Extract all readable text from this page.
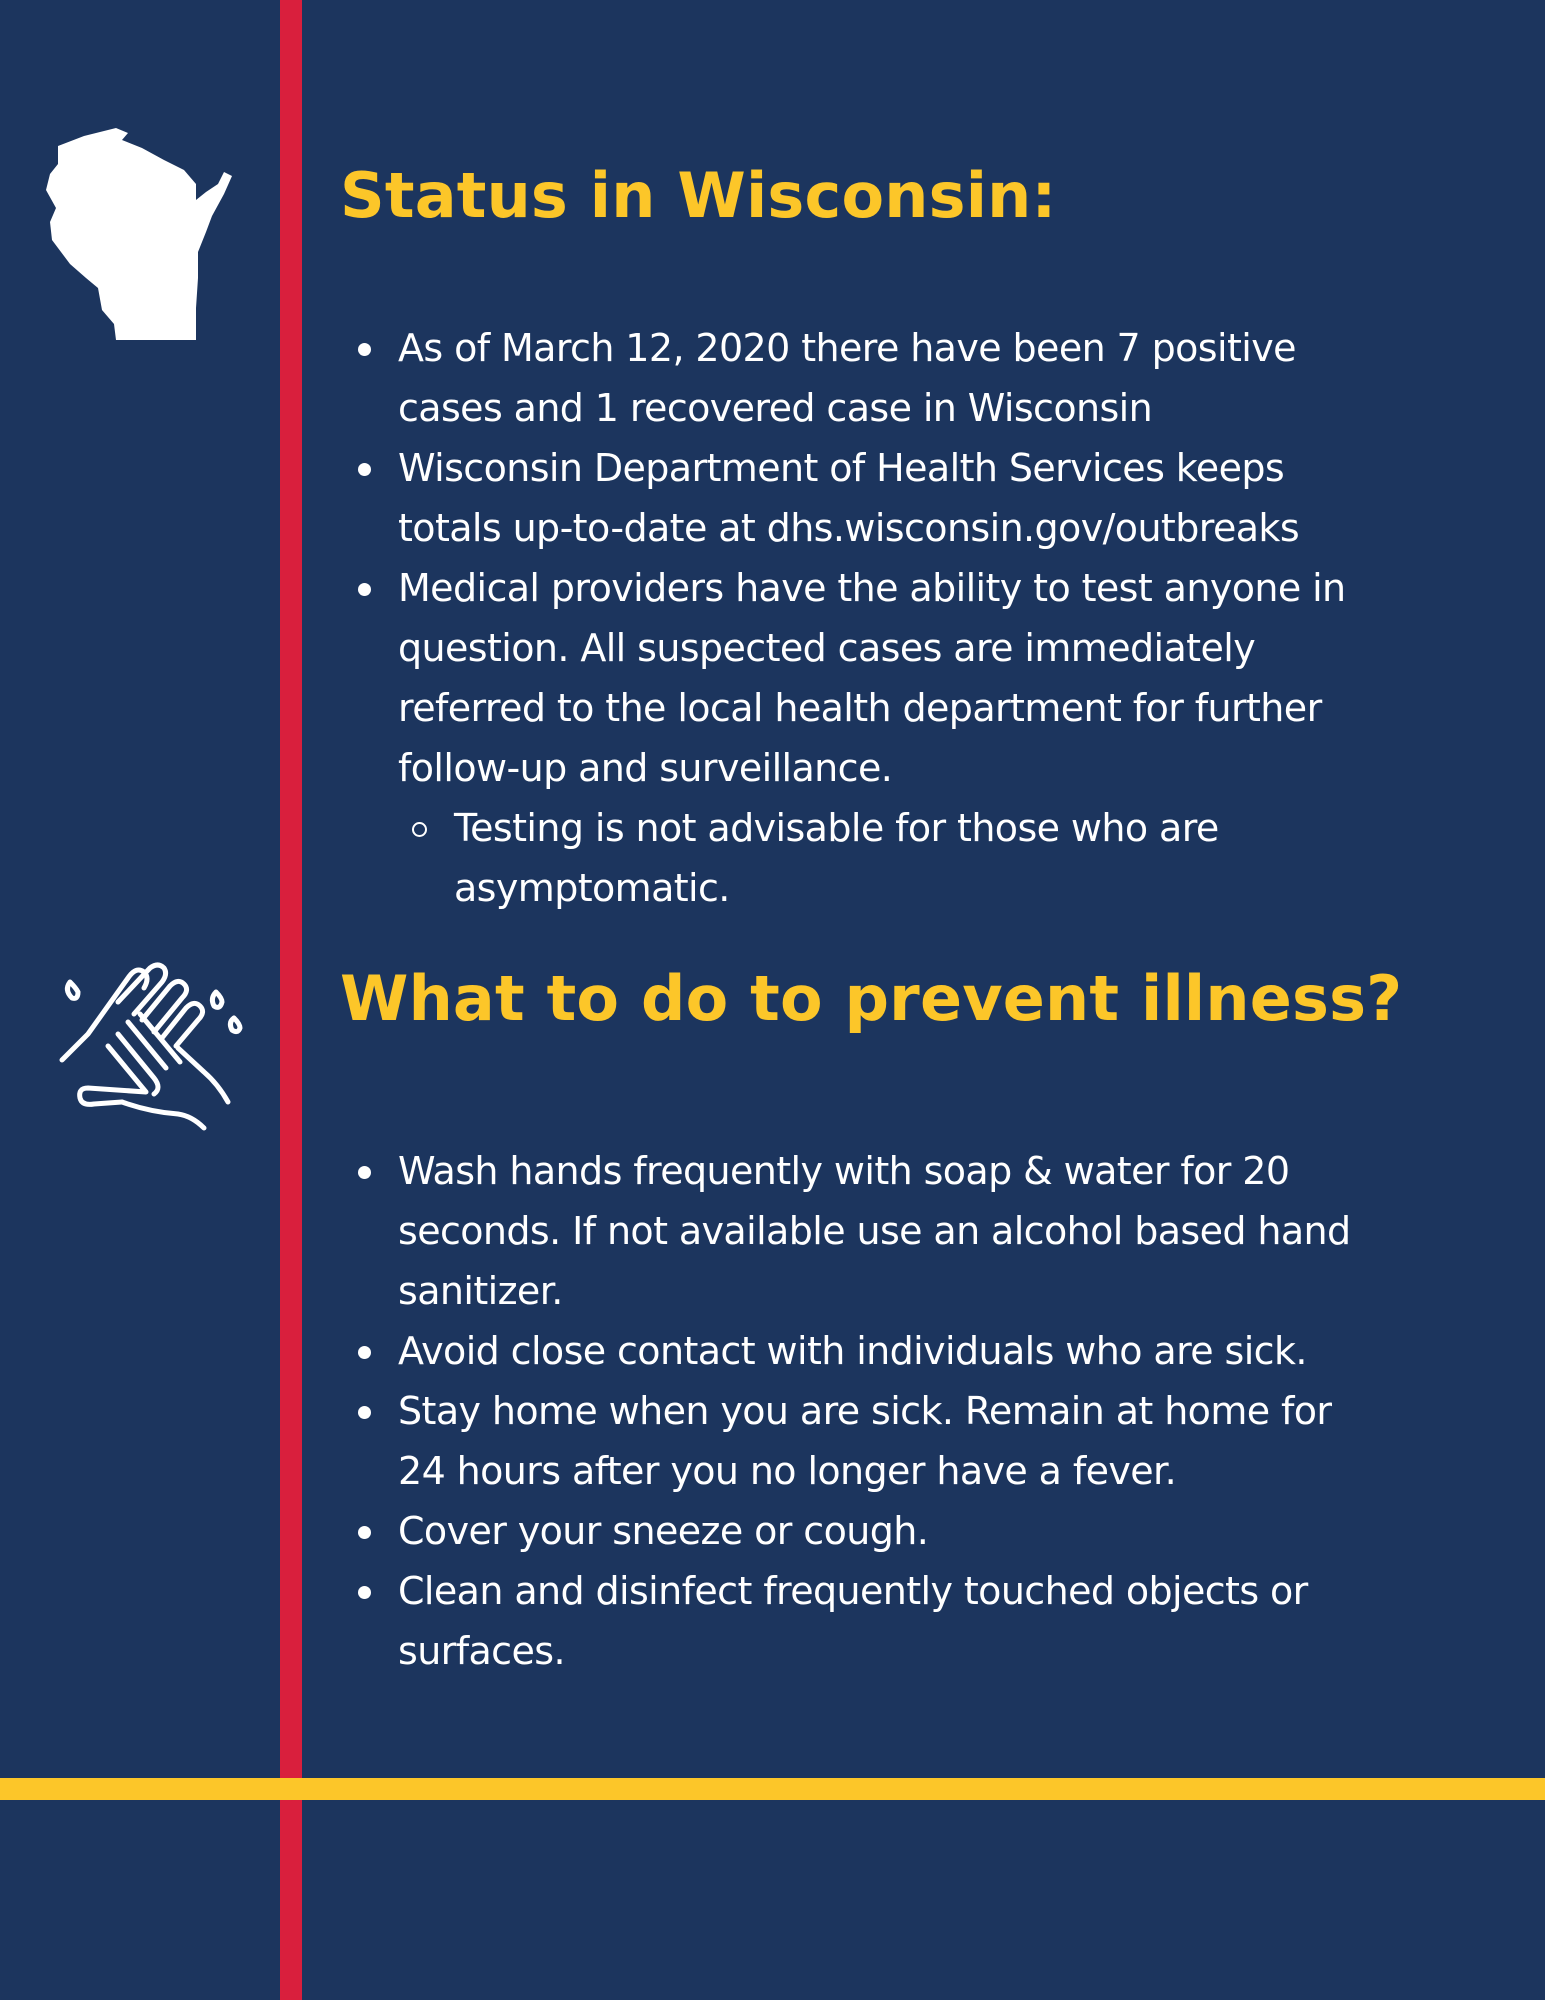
Status in Wisconsin:
As of March 12, 2020 there have been 7 positive
cases and 1 recovered case in Wisconsin
Wisconsin Department of Health Services keeps
totals up-to-date at dhs.wisconsin.gov/outbreaks
Medical providers have the ability to test anyone in
question. All suspected cases are immediately
referred to the local health department for further
follow-up and surveillance.
Testing is not advisable for those who are
asymptomatic.
What to do to prevent illness?
Wash hands frequently with soap & water for 20
seconds. If not available use an alcohol based hand
sanitizer.
Avoid close contact with individuals who are sick.
Stay home when you are sick. Remain at home for
24 hours after you no longer have a fever.
Cover your sneeze or cough.
Clean and disinfect frequently touched objects or
surfaces.
